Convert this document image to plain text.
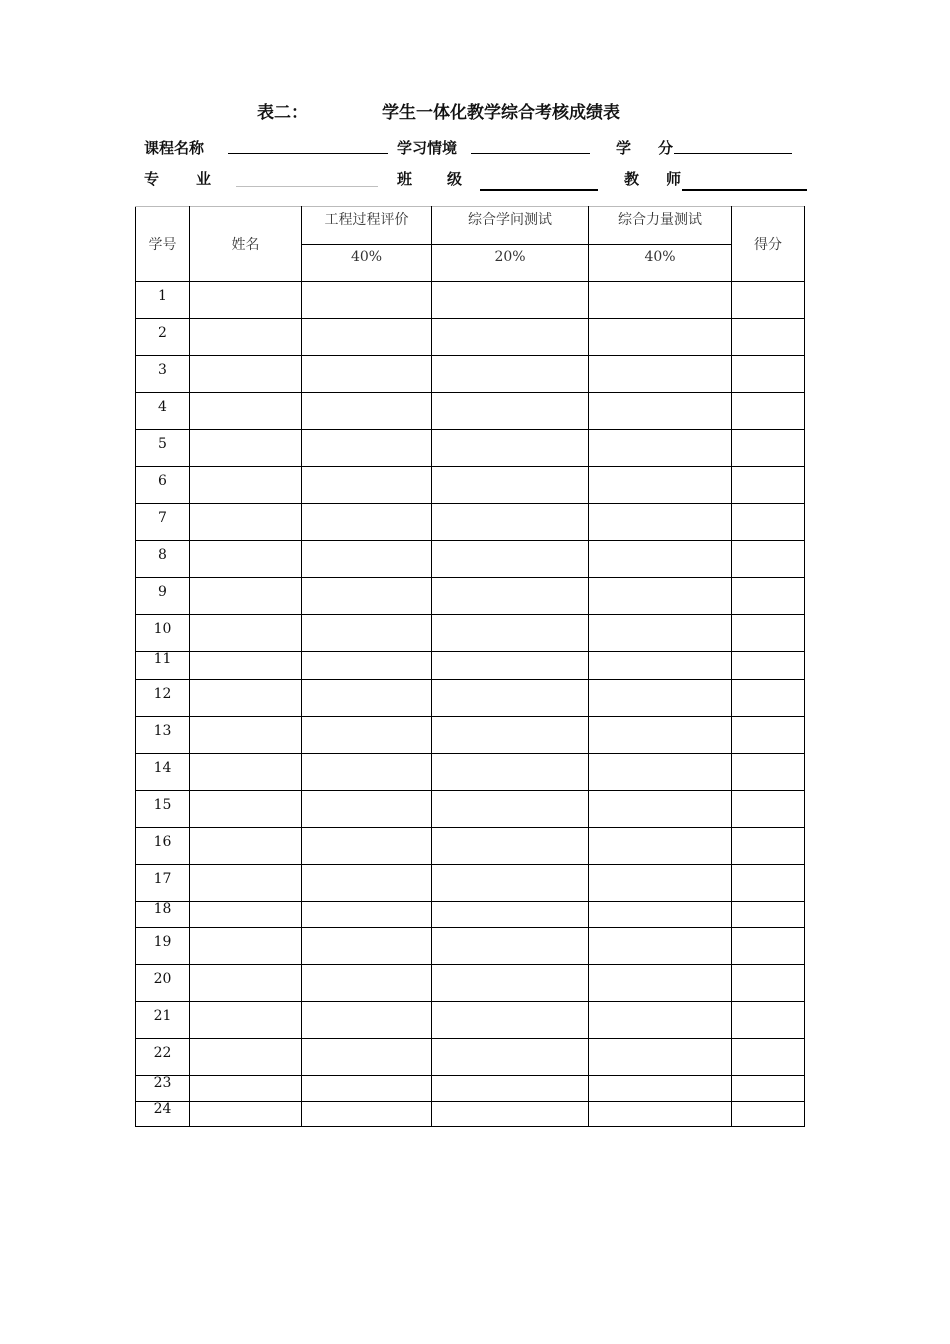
表二：	学生一体化教学综合考核成绩表
课程名称	学习情境	学 分
专 业	班 级	教 师
学号	姓名	工程过程评价	综合学问测试	综合力量测试	得分
		40%	20%	40%	
1					
2					
3					
4					
5					
6					
7					
8					
9					
10					
11					
12					
13					
14					
15					
16					
17					
18					
19					
20					
21					
22					
23					
24					
